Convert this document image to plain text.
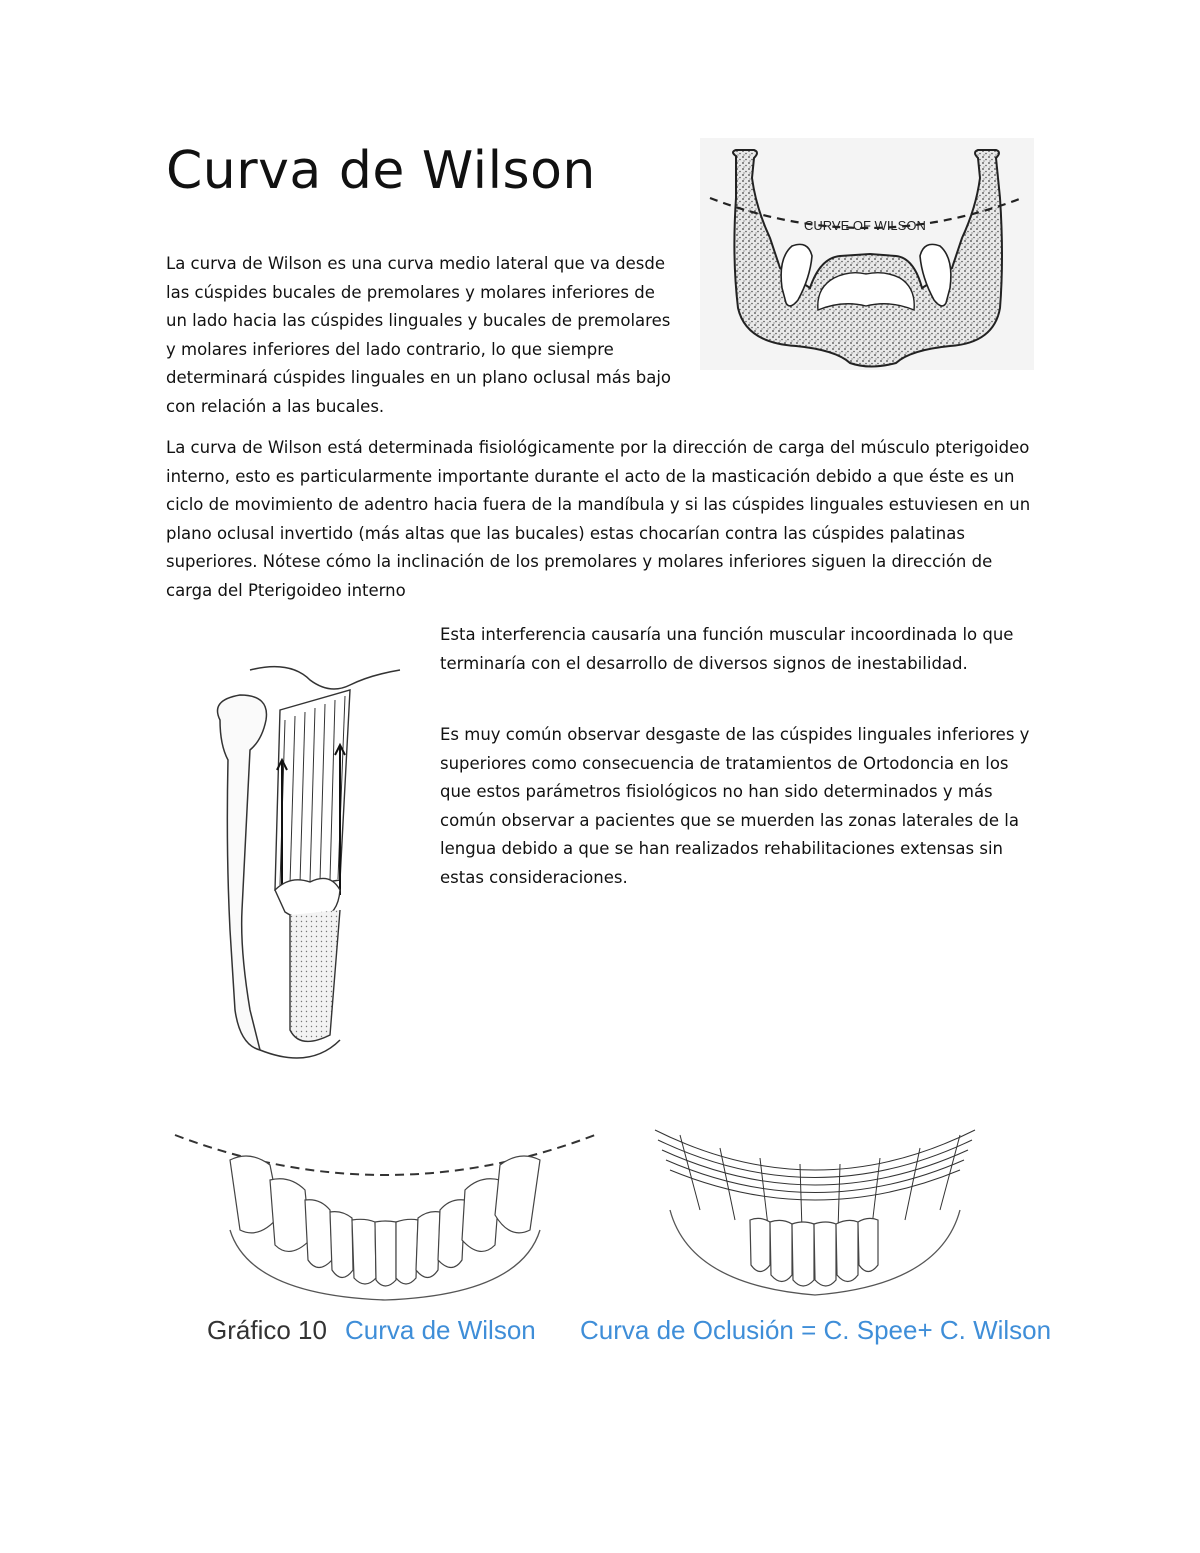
Curva de Wilson

La curva de Wilson es una curva medio lateral que va desde las cúspides bucales de premolares y molares inferiores de un lado hacia las cúspides linguales y bucales de premolares y molares inferiores del lado contrario, lo que siempre determinará cúspides linguales en un plano oclusal más bajo con relación a las bucales.

CURVE OF WILSON

La curva de Wilson está determinada fisiológicamente por la dirección de carga del músculo pterigoideo interno, esto es particularmente importante durante el acto de la masticación debido a que éste es un ciclo de movimiento de adentro hacia fuera de la mandíbula y si las cúspides linguales estuviesen en un plano oclusal invertido (más altas que las bucales) estas chocarían contra las cúspides palatinas superiores. Nótese cómo la inclinación de los premolares y molares inferiores siguen la dirección de carga del Pterigoideo interno

Esta interferencia causaría una función muscular incoordinada lo que terminaría con el desarrollo de diversos signos de inestabilidad.

Es muy común observar desgaste de las cúspides linguales inferiores y superiores como consecuencia de tratamientos de Ortodoncia en los que estos parámetros fisiológicos no han sido determinados y más común observar a pacientes que se muerden las zonas laterales de la lengua debido a que se han realizados rehabilitaciones extensas sin estas consideraciones.

Gráfico 10 Curva de Wilson Curva de Oclusión = C. Spee+ C. Wilson
